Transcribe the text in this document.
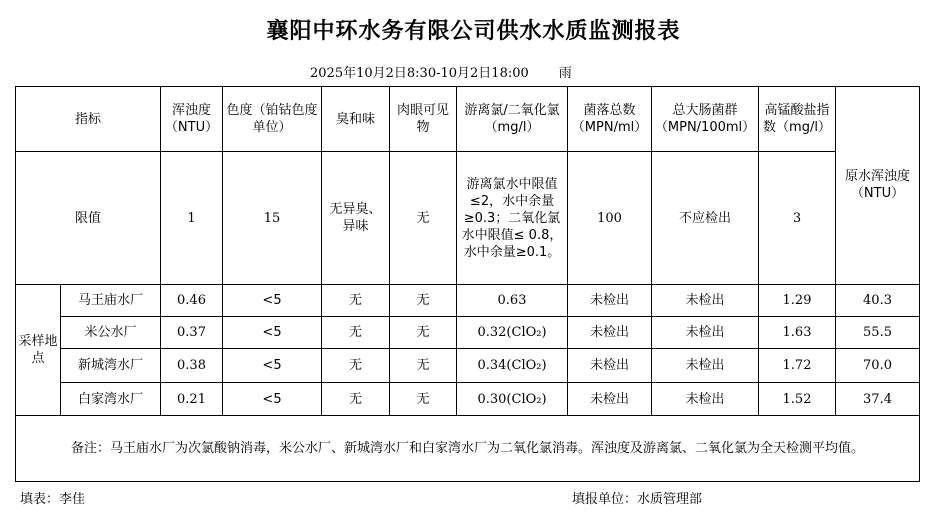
襄阳中环水务有限公司供水水质监测报表
2025年10月2日8:30-10月2日18:00 雨
指标		浑浊度（NTU）	色度（铂钴色度单位）	臭和味	肉眼可见物	游离氯/二氧化氯（mg/l）	菌落总数（MPN/ml）	总大肠菌群（MPN/100ml）	高锰酸盐指数（mg/l）	原水浑浊度（NTU）
限值		1	15	无异臭、异味	无	游离氯水中限值 ≤2，水中余量≥0.3；二氧化氯水中限值≤ 0.8，水中余量≥0.1。	100	不应检出	3	
采样地点	马王庙水厂	0.46	<5	无	无	0.63	未检出	未检出	1.29	40.3
	米公水厂	0.37	<5	无	无	0.32(ClO₂)	未检出	未检出	1.63	55.5
	新城湾水厂	0.38	<5	无	无	0.34(ClO₂)	未检出	未检出	1.72	70.0
	白家湾水厂	0.21	<5	无	无	0.30(ClO₂)	未检出	未检出	1.52	37.4
备注：马王庙水厂为次氯酸钠消毒，米公水厂、新城湾水厂和白家湾水厂为二氧化氯消毒。浑浊度及游离氯、二氧化氯为全天检测平均值。										
填表：李佳	填报单位：水质管理部
